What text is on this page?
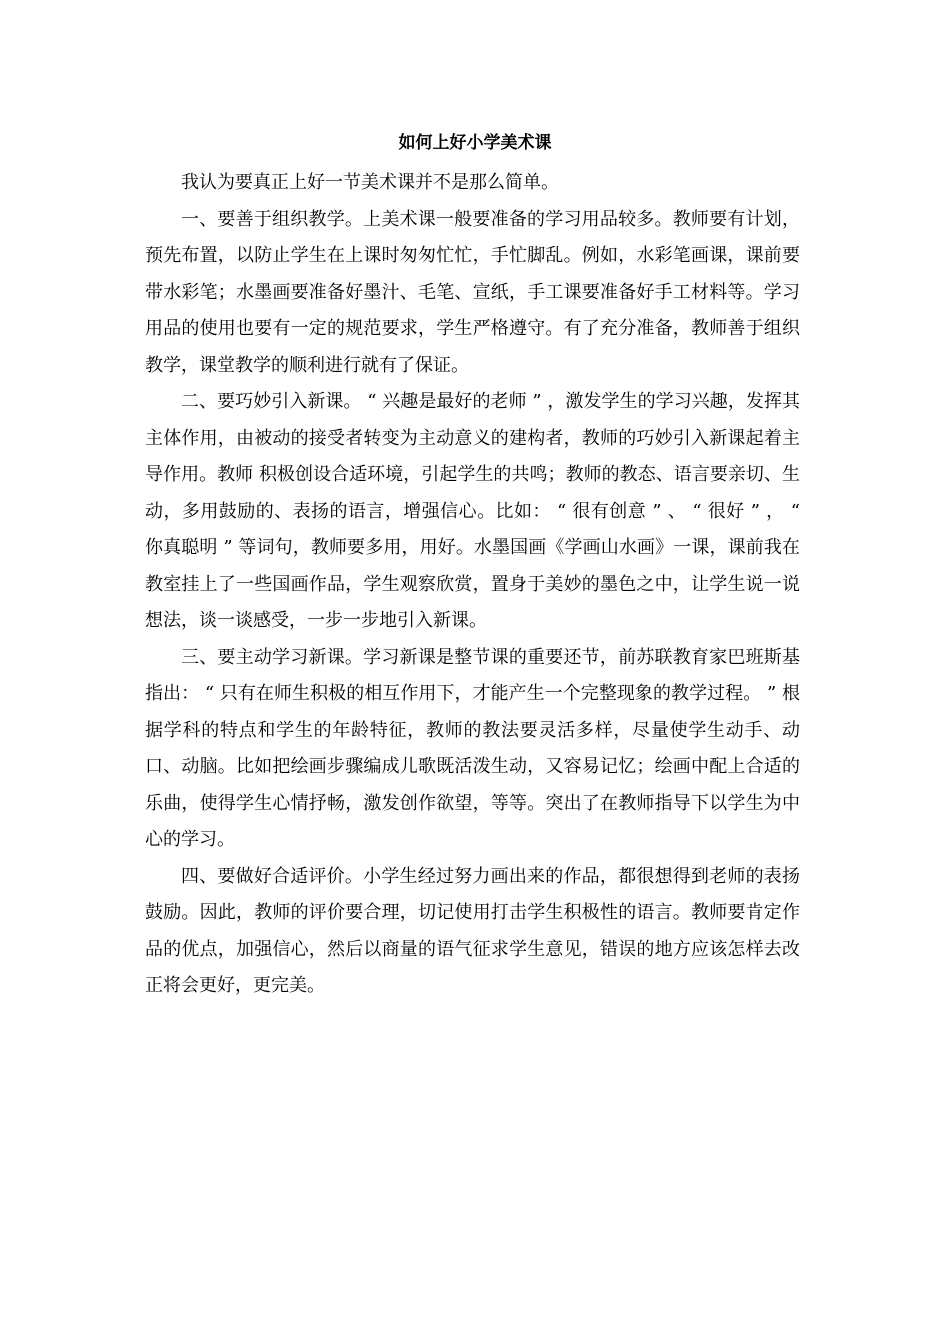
如何上好小学美术课

我认为要真正上好一节美术课并不是那么简单。

一、要善于组织教学。上美术课一般要准备的学习用品较多。教师要有计划，预先布置，以防止学生在上课时匆匆忙忙，手忙脚乱。例如，水彩笔画课，课前要带水彩笔；水墨画要准备好墨汁、毛笔、宣纸，手工课要准备好手工材料等。学习用品的使用也要有一定的规范要求，学生严格遵守。有了充分准备，教师善于组织教学，课堂教学的顺利进行就有了保证。

二、要巧妙引入新课。 “ 兴趣是最好的老师 ” ，激发学生的学习兴趣，发挥其主体作用，由被动的接受者转变为主动意义的建构者，教师的巧妙引入新课起着主导作用。教师 积极创设合适环境，引起学生的共鸣；教师的教态、语言要亲切、生动，多用鼓励的、表扬的语言，增强信心。比如： “ 很有创意 ” 、 “ 很好 ” ， “ 你真聪明 ” 等词句，教师要多用，用好。水墨国画《学画山水画》一课，课前我在教室挂上了一些国画作品，学生观察欣赏，置身于美妙的墨色之中，让学生说一说想法，谈一谈感受，一步一步地引入新课。

三、要主动学习新课。学习新课是整节课的重要还节，前苏联教育家巴班斯基指出： “ 只有在师生积极的相互作用下，才能产生一个完整现象的教学过程。 ” 根据学科的特点和学生的年龄特征，教师的教法要灵活多样，尽量使学生动手、动口、动脑。比如把绘画步骤编成儿歌既活泼生动，又容易记忆；绘画中配上合适的乐曲，使得学生心情抒畅，激发创作欲望，等等。突出了在教师指导下以学生为中心的学习。

四、要做好合适评价。小学生经过努力画出来的作品，都很想得到老师的表扬鼓励。因此，教师的评价要合理，切记使用打击学生积极性的语言。教师要肯定作品的优点，加强信心，然后以商量的语气征求学生意见，错误的地方应该怎样去改正将会更好，更完美。
